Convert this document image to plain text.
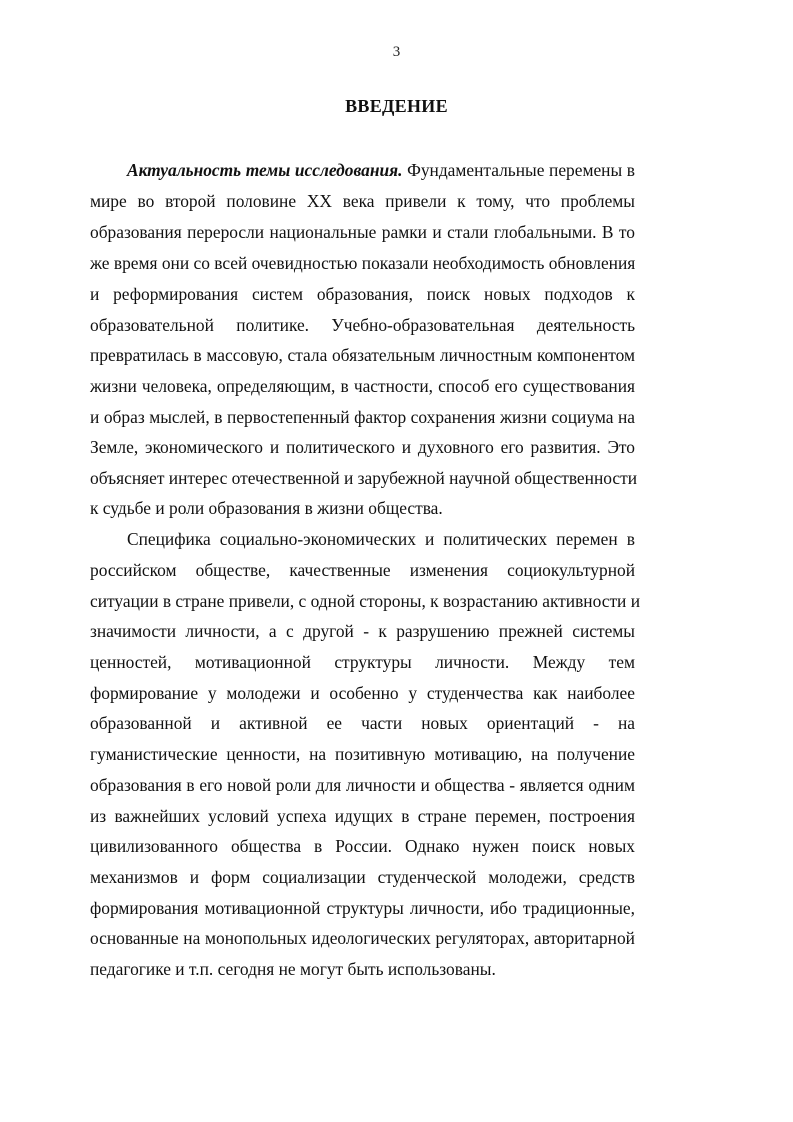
3
ВВЕДЕНИЕ
Актуальность темы исследования. Фундаментальные перемены в
мире во второй половине XX века привели к тому, что проблемы
образования переросли национальные рамки и стали глобальными. В то
же время они со всей очевидностью показали необходимость обновления
и реформирования систем образования, поиск новых подходов к
образовательной политике. Учебно-образовательная деятельность
превратилась в массовую, стала обязательным личностным компонентом
жизни человека, определяющим, в частности, способ его существования
и образ мыслей, в первостепенный фактор сохранения жизни социума на
Земле, экономического и политического и духовного его развития. Это
объясняет интерес отечественной и зарубежной научной общественности
к судьбе и роли образования в жизни общества.
Специфика социально-экономических и политических перемен в
российском обществе, качественные изменения социокультурной
ситуации в стране привели, с одной стороны, к возрастанию активности и
значимости личности, а с другой - к разрушению прежней системы
ценностей, мотивационной структуры личности. Между тем
формирование у молодежи и особенно у студенчества как наиболее
образованной и активной ее части новых ориентаций - на
гуманистические ценности, на позитивную мотивацию, на получение
образования в его новой роли для личности и общества - является одним
из важнейших условий успеха идущих в стране перемен, построения
цивилизованного общества в России. Однако нужен поиск новых
механизмов и форм социализации студенческой молодежи, средств
формирования мотивационной структуры личности, ибо традиционные,
основанные на монопольных идеологических регуляторах, авторитарной
педагогике и т.п. сегодня не могут быть использованы.
